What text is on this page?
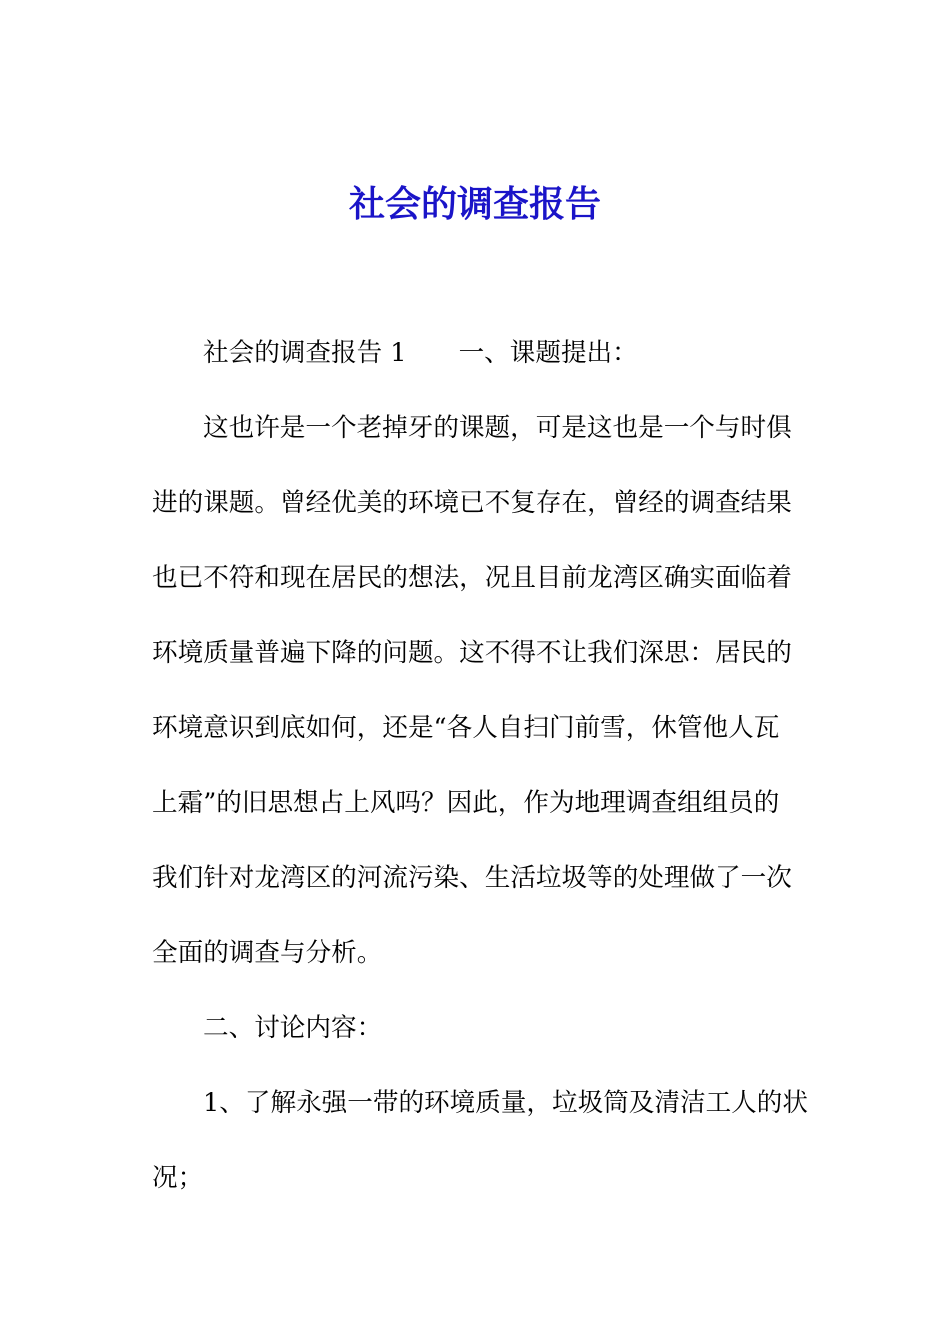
社会的调查报告
社会的调查报告 1 一、课题提出：
这也许是一个老掉牙的课题，可是这也是一个与时俱
进的课题。曾经优美的环境已不复存在，曾经的调查结果
也已不符和现在居民的想法，况且目前龙湾区确实面临着
环境质量普遍下降的问题。这不得不让我们深思：居民的
环境意识到底如何，还是“各人自扫门前雪，休管他人瓦
上霜”的旧思想占上风吗？因此，作为地理调查组组员的
我们针对龙湾区的河流污染、生活垃圾等的处理做了一次
全面的调查与分析。
二、讨论内容：
1、了解永强一带的环境质量，垃圾筒及清洁工人的状
况；
